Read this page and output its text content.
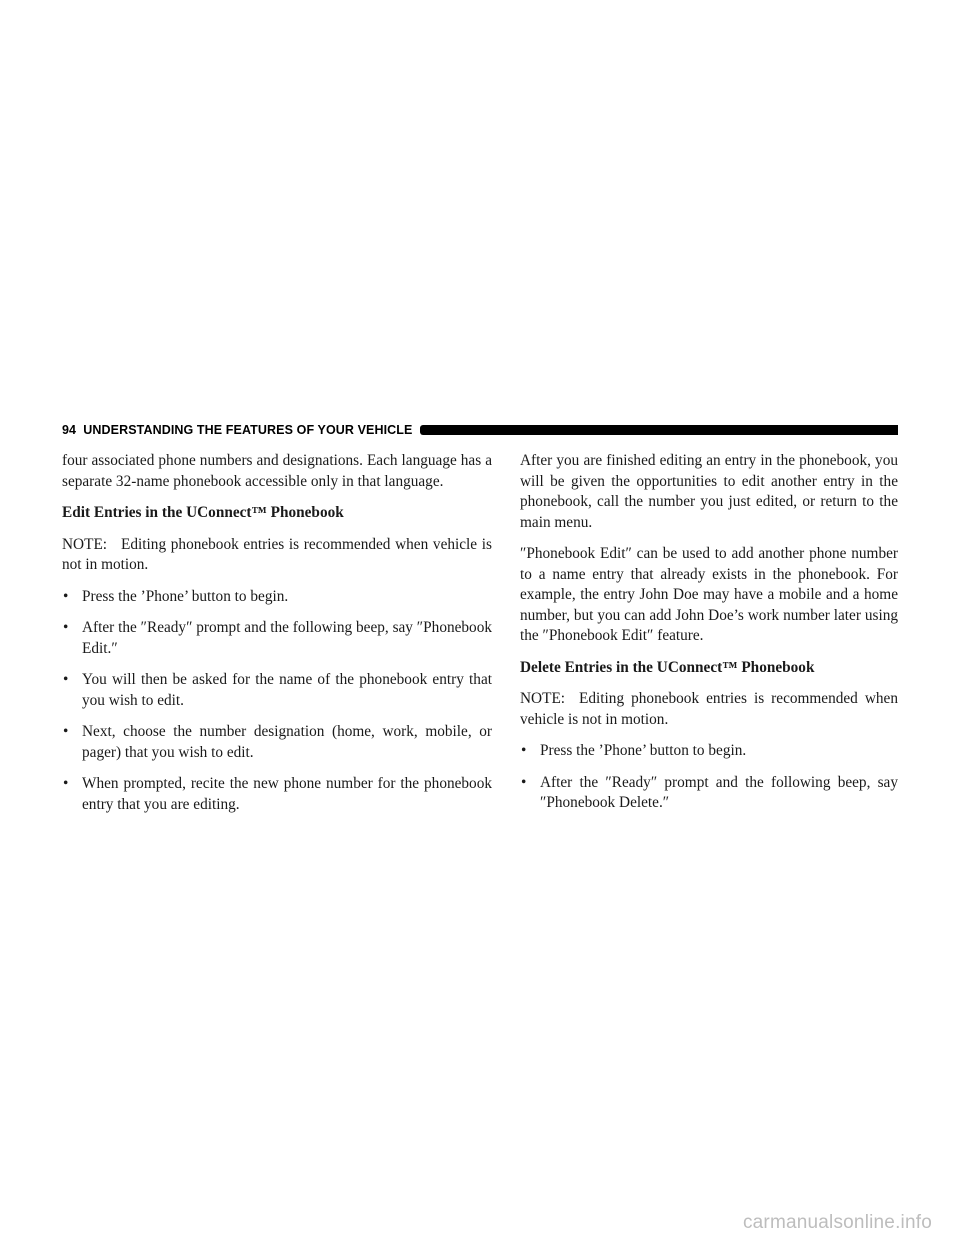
94 UNDERSTANDING THE FEATURES OF YOUR VEHICLE

four associated phone numbers and designations. Each language has a separate 32-name phonebook accessible only in that language.

Edit Entries in the UConnect™ Phonebook

NOTE: Editing phonebook entries is recommended when vehicle is not in motion.

• Press the ’Phone’ button to begin.
• After the ″Ready″ prompt and the following beep, say ″Phonebook Edit.″
• You will then be asked for the name of the phonebook entry that you wish to edit.
• Next, choose the number designation (home, work, mobile, or pager) that you wish to edit.
• When prompted, recite the new phone number for the phonebook entry that you are editing.

After you are finished editing an entry in the phonebook, you will be given the opportunities to edit another entry in the phonebook, call the number you just edited, or return to the main menu.

″Phonebook Edit″ can be used to add another phone number to a name entry that already exists in the phonebook. For example, the entry John Doe may have a mobile and a home number, but you can add John Doe’s work number later using the ″Phonebook Edit″ feature.

Delete Entries in the UConnect™ Phonebook

NOTE: Editing phonebook entries is recommended when vehicle is not in motion.

• Press the ’Phone’ button to begin.
• After the ″Ready″ prompt and the following beep, say ″Phonebook Delete.″
carmanualsonline.info
